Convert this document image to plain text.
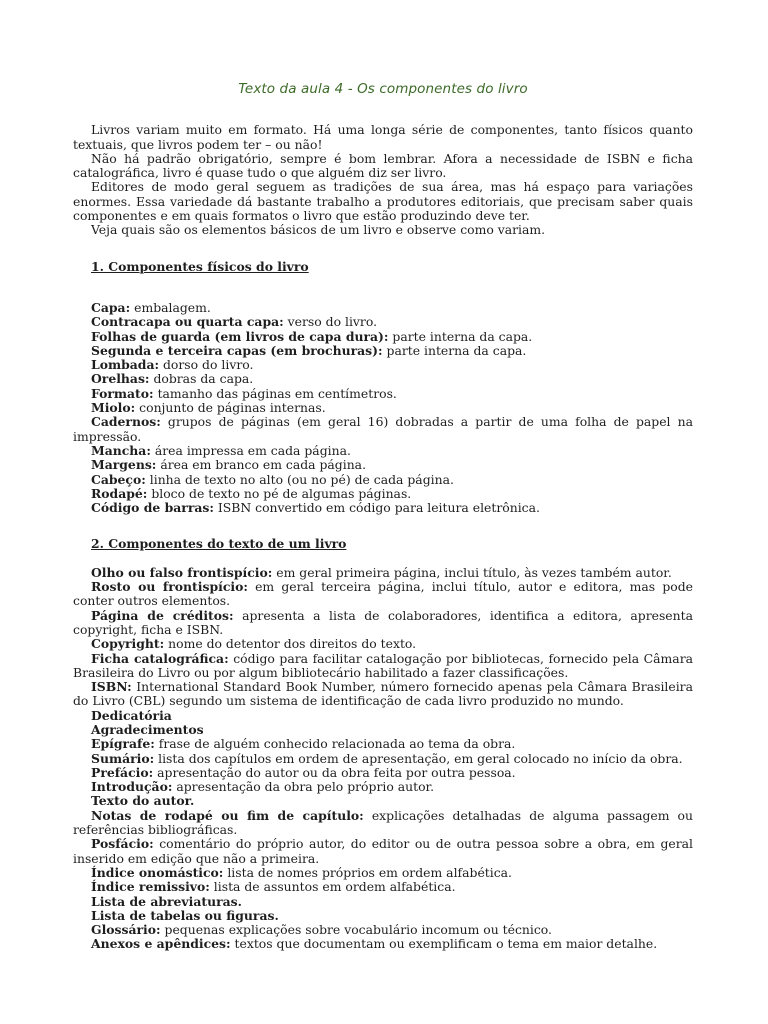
Texto da aula 4 - Os componentes do livro

Livros variam muito em formato. Há uma longa série de componentes, tanto físicos quanto textuais, que livros podem ter – ou não!

Não há padrão obrigatório, sempre é bom lembrar. Afora a necessidade de ISBN e ficha catalográfica, livro é quase tudo o que alguém diz ser livro.

Editores de modo geral seguem as tradições de sua área, mas há espaço para variações enormes. Essa variedade dá bastante trabalho a produtores editoriais, que precisam saber quais componentes e em quais formatos o livro que estão produzindo deve ter.

Veja quais são os elementos básicos de um livro e observe como variam.

1. Componentes físicos do livro

Capa: embalagem.

Contracapa ou quarta capa: verso do livro.

Folhas de guarda (em livros de capa dura): parte interna da capa.

Segunda e terceira capas (em brochuras): parte interna da capa.

Lombada: dorso do livro.

Orelhas: dobras da capa.

Formato: tamanho das páginas em centímetros.

Miolo: conjunto de páginas internas.

Cadernos: grupos de páginas (em geral 16) dobradas a partir de uma folha de papel na impressão.

Mancha: área impressa em cada página.

Margens: área em branco em cada página.

Cabeço: linha de texto no alto (ou no pé) de cada página.

Rodapé: bloco de texto no pé de algumas páginas.

Código de barras: ISBN convertido em código para leitura eletrônica.

2. Componentes do texto de um livro

Olho ou falso frontispício: em geral primeira página, inclui título, às vezes também autor.

Rosto ou frontispício: em geral terceira página, inclui título, autor e editora, mas pode conter outros elementos.

Página de créditos: apresenta a lista de colaboradores, identifica a editora, apresenta copyright, ficha e ISBN.

Copyright: nome do detentor dos direitos do texto.

Ficha catalográfica: código para facilitar catalogação por bibliotecas, fornecido pela Câmara Brasileira do Livro ou por algum bibliotecário habilitado a fazer classificações.

ISBN: International Standard Book Number, número fornecido apenas pela Câmara Brasileira do Livro (CBL) segundo um sistema de identificação de cada livro produzido no mundo.

Dedicatória

Agradecimentos

Epígrafe: frase de alguém conhecido relacionada ao tema da obra.

Sumário: lista dos capítulos em ordem de apresentação, em geral colocado no início da obra.

Prefácio: apresentação do autor ou da obra feita por outra pessoa.

Introdução: apresentação da obra pelo próprio autor.

Texto do autor.

Notas de rodapé ou fim de capítulo: explicações detalhadas de alguma passagem ou referências bibliográficas.

Posfácio: comentário do próprio autor, do editor ou de outra pessoa sobre a obra, em geral inserido em edição que não a primeira.

Índice onomástico: lista de nomes próprios em ordem alfabética.

Índice remissivo: lista de assuntos em ordem alfabética.

Lista de abreviaturas.

Lista de tabelas ou figuras.

Glossário: pequenas explicações sobre vocabulário incomum ou técnico.

Anexos e apêndices: textos que documentam ou exemplificam o tema em maior detalhe.
